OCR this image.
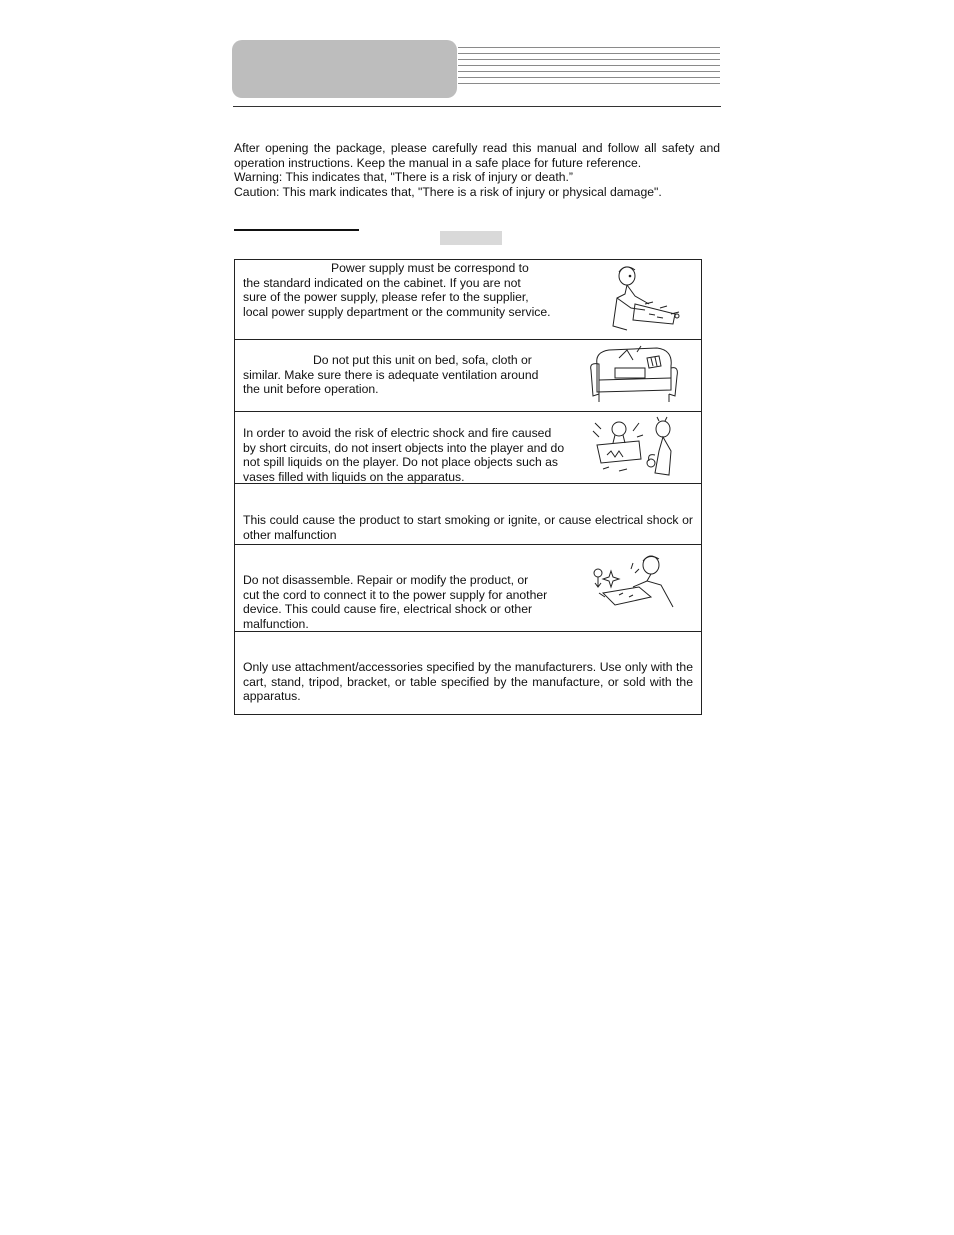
After opening the package, please carefully read this manual and follow all safety and operation instructions. Keep the manual in a safe place for future reference.

Warning: This indicates that, "There is a risk of injury or death.”

Caution: This mark indicates that, "There is a risk of injury or physical damage".

Power supply must be correspond to

the standard indicated on the cabinet. If you are not

sure of the power supply, please refer to the supplier,

local power supply department or the community service.

Do not put this unit on bed, sofa, cloth or

similar. Make sure there is adequate ventilation around

the unit before operation.

In order to avoid the risk of electric shock and fire caused

by short circuits, do not insert objects into the player and do

not spill liquids on the player. Do not place objects such as

vases filled with liquids on the apparatus.

This could cause the product to start smoking or ignite, or cause electrical shock or other malfunction

Do not disassemble. Repair or modify the product, or

cut the cord to connect it to the power supply for another

device. This could cause fire, electrical shock or other

malfunction.

Only use attachment/accessories specified by the manufacturers. Use only with the cart, stand, tripod, bracket, or table specified by the manufacture, or sold with the apparatus.
